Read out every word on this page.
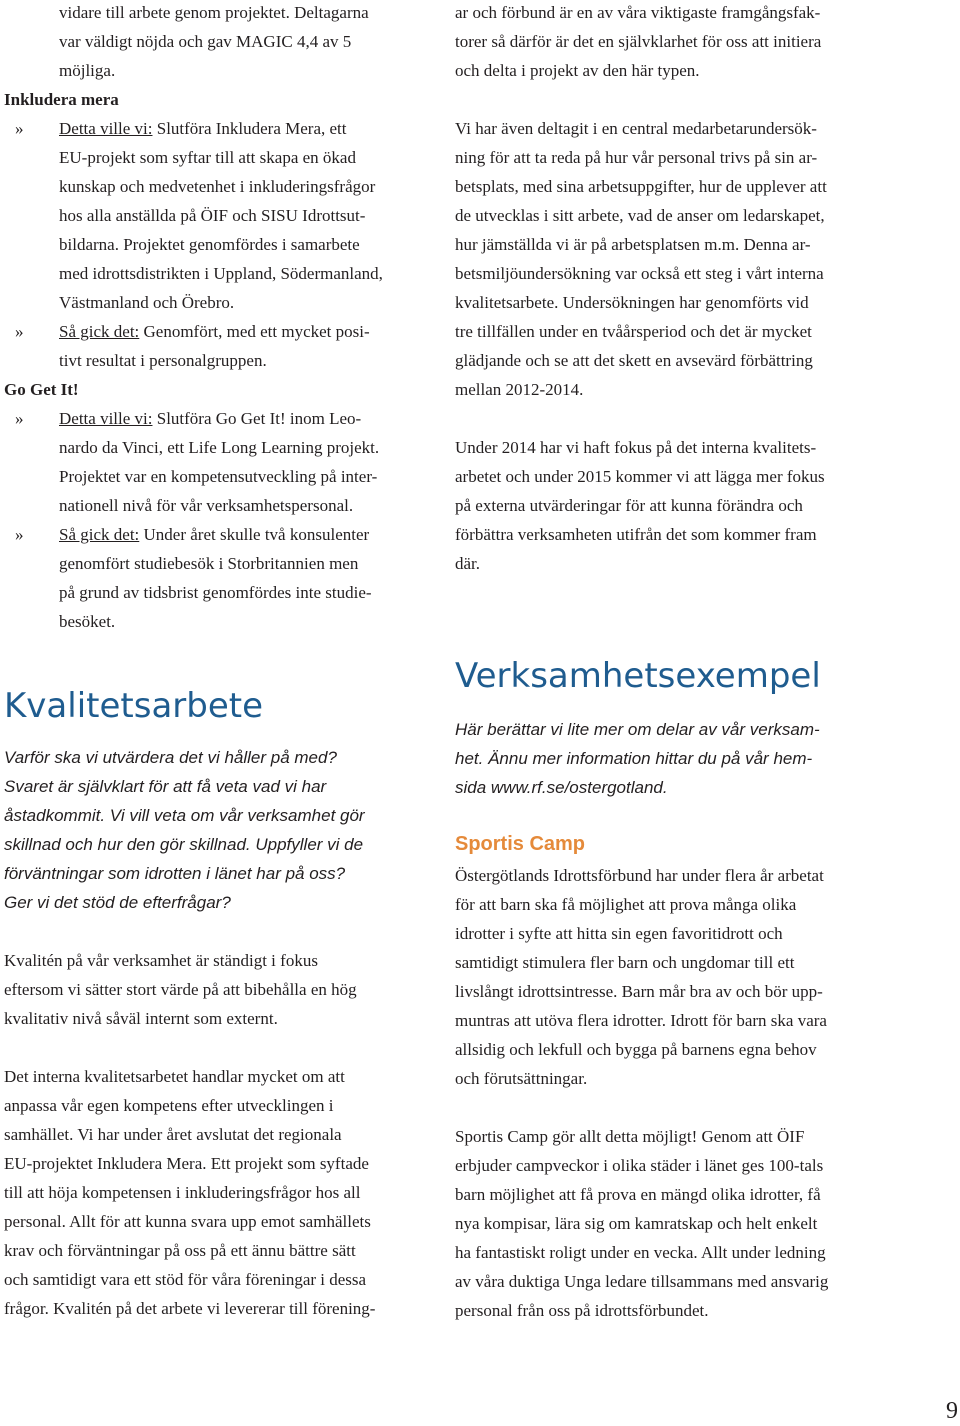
vidare till arbete genom projektet. Deltagarna

var väldigt nöjda och gav MAGIC 4,4 av 5

möjliga.

Inkludera mera
» Detta ville vi: Slutföra Inkludera Mera, ett

EU-projekt som syftar till att skapa en ökad

kunskap och medvetenhet i inkluderingsfrågor

hos alla anställda på ÖIF och SISU Idrottsut-

bildarna. Projektet genomfördes i samarbete

med idrottsdistrikten i Uppland, Södermanland,

Västmanland och Örebro.

» Så gick det: Genomfört, med ett mycket posi-

tivt resultat i personalgruppen.

Go Get It!
» Detta ville vi: Slutföra Go Get It! inom Leo-

nardo da Vinci, ett Life Long Learning projekt.

Projektet var en kompetensutveckling på inter-

nationell nivå för vår verksamhetspersonal.

» Så gick det: Under året skulle två konsulenter

genomfört studiebesök i Storbritannien men

på grund av tidsbrist genomfördes inte studie-

besöket.

Kvalitetsarbete

Varför ska vi utvärdera det vi håller på med?

Svaret är självklart för att få veta vad vi har

åstadkommit. Vi vill veta om vår verksamhet gör

skillnad och hur den gör skillnad. Uppfyller vi de

förväntningar som idrotten i länet har på oss?

Ger vi det stöd de efterfrågar?

Kvalitén på vår verksamhet är ständigt i fokus

eftersom vi sätter stort värde på att bibehålla en hög

kvalitativ nivå såväl internt som externt.

Det interna kvalitetsarbetet handlar mycket om att

anpassa vår egen kompetens efter utvecklingen i

samhället. Vi har under året avslutat det regionala

EU-projektet Inkludera Mera. Ett projekt som syftade

till att höja kompetensen i inkluderingsfrågor hos all

personal. Allt för att kunna svara upp emot samhällets

krav och förväntningar på oss på ett ännu bättre sätt

och samtidigt vara ett stöd för våra föreningar i dessa

frågor. Kvalitén på det arbete vi levererar till förening-

ar och förbund är en av våra viktigaste framgångsfak-

torer så därför är det en självklarhet för oss att initiera

och delta i projekt av den här typen.

Vi har även deltagit i en central medarbetarundersök-

ning för att ta reda på hur vår personal trivs på sin ar-

betsplats, med sina arbetsuppgifter, hur de upplever att

de utvecklas i sitt arbete, vad de anser om ledarskapet,

hur jämställda vi är på arbetsplatsen m.m. Denna ar-

betsmiljöundersökning var också ett steg i vårt interna

kvalitetsarbete. Undersökningen har genomförts vid

tre tillfällen under en tvåårsperiod och det är mycket

glädjande och se att det skett en avsevärd förbättring

mellan 2012-2014.

Under 2014 har vi haft fokus på det interna kvalitets-

arbetet och under 2015 kommer vi att lägga mer fokus

på externa utvärderingar för att kunna förändra och

förbättra verksamheten utifrån det som kommer fram

där.

Verksamhetsexempel

Här berättar vi lite mer om delar av vår verksam-

het. Ännu mer information hittar du på vår hem-

sida www.rf.se/ostergotland.

Sportis Camp

Östergötlands Idrottsförbund har under flera år arbetat

för att barn ska få möjlighet att prova många olika

idrotter i syfte att hitta sin egen favoritidrott och

samtidigt stimulera fler barn och ungdomar till ett

livslångt idrottsintresse. Barn mår bra av och bör upp-

muntras att utöva flera idrotter. Idrott för barn ska vara

allsidig och lekfull och bygga på barnens egna behov

och förutsättningar.

Sportis Camp gör allt detta möjligt! Genom att ÖIF

erbjuder campveckor i olika städer i länet ges 100-tals

barn möjlighet att få prova en mängd olika idrotter, få

nya kompisar, lära sig om kamratskap och helt enkelt

ha fantastiskt roligt under en vecka. Allt under ledning

av våra duktiga Unga ledare tillsammans med ansvarig

personal från oss på idrottsförbundet.

9
